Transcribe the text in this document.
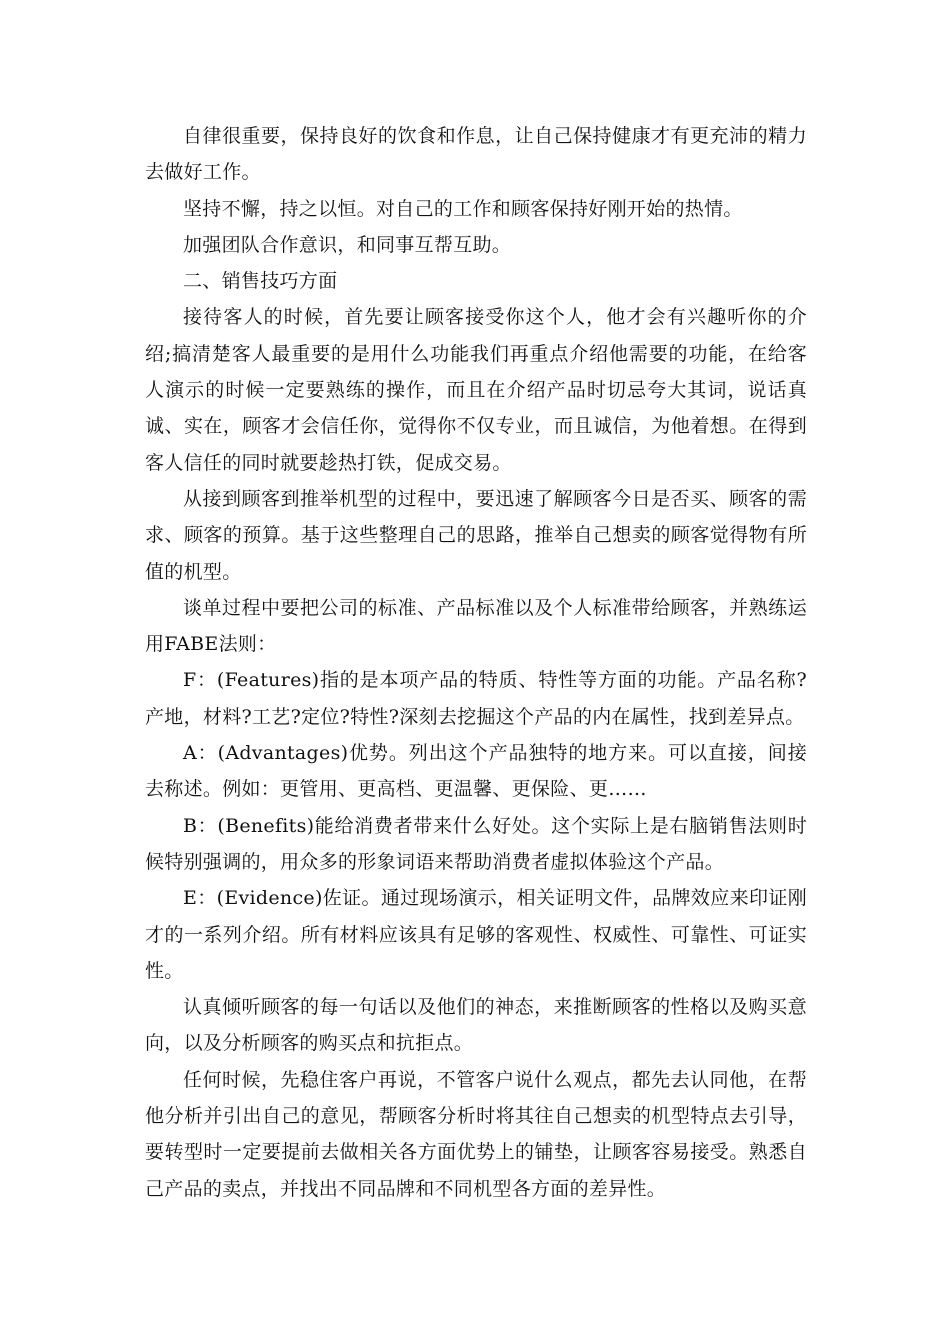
自律很重要，保持良好的饮食和作息，让自己保持健康才有更充沛的精力去做好工作。

坚持不懈，持之以恒。对自己的工作和顾客保持好刚开始的热情。

加强团队合作意识，和同事互帮互助。

二、销售技巧方面

接待客人的时候，首先要让顾客接受你这个人，他才会有兴趣听你的介绍;搞清楚客人最重要的是用什么功能我们再重点介绍他需要的功能，在给客人演示的时候一定要熟练的操作，而且在介绍产品时切忌夸大其词，说话真诚、实在，顾客才会信任你，觉得你不仅专业，而且诚信，为他着想。在得到客人信任的同时就要趁热打铁，促成交易。

从接到顾客到推举机型的过程中，要迅速了解顾客今日是否买、顾客的需求、顾客的预算。基于这些整理自己的思路，推举自己想卖的顾客觉得物有所值的机型。

谈单过程中要把公司的标准、产品标准以及个人标准带给顾客，并熟练运用FABE法则：

F：(Features)指的是本项产品的特质、特性等方面的功能。产品名称?产地，材料?工艺?定位?特性?深刻去挖掘这个产品的内在属性，找到差异点。

A：(Advantages)优势。列出这个产品独特的地方来。可以直接，间接去称述。例如：更管用、更高档、更温馨、更保险、更……

B：(Benefits)能给消费者带来什么好处。这个实际上是右脑销售法则时候特别强调的，用众多的形象词语来帮助消费者虚拟体验这个产品。

E：(Evidence)佐证。通过现场演示，相关证明文件，品牌效应来印证刚才的一系列介绍。所有材料应该具有足够的客观性、权威性、可靠性、可证实性。

认真倾听顾客的每一句话以及他们的神态，来推断顾客的性格以及购买意向，以及分析顾客的购买点和抗拒点。

任何时候，先稳住客户再说，不管客户说什么观点，都先去认同他，在帮他分析并引出自己的意见，帮顾客分析时将其往自己想卖的机型特点去引导，要转型时一定要提前去做相关各方面优势上的铺垫，让顾客容易接受。熟悉自己产品的卖点，并找出不同品牌和不同机型各方面的差异性。
